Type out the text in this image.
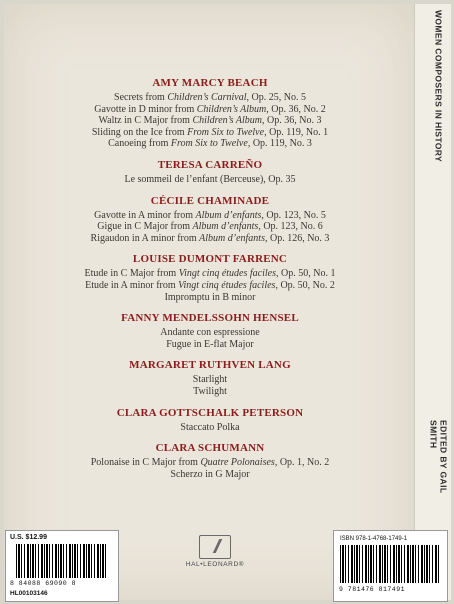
WOMEN COMPOSERS IN HISTORY
EDITED BY GAIL SMITH
AMY MARCY BEACH
Secrets from Children’s Carnival, Op. 25, No. 5
Gavotte in D minor from Children’s Album, Op. 36, No. 2
Waltz in C Major from Children’s Album, Op. 36, No. 3
Sliding on the Ice from From Six to Twelve, Op. 119, No. 1
Canoeing from From Six to Twelve, Op. 119, No. 3
TERESA CARREÑO
Le sommeil de l’enfant (Berceuse), Op. 35
CÉCILE CHAMINADE
Gavotte in A minor from Album d’enfants, Op. 123, No. 5
Gigue in C Major from Album d’enfants, Op. 123, No. 6
Rigaudon in A minor from Album d’enfants, Op. 126, No. 3
LOUISE DUMONT FARRENC
Etude in C Major from Vingt cinq études faciles, Op. 50, No. 1
Etude in A minor from Vingt cinq études faciles, Op. 50, No. 2
Impromptu in B minor
FANNY MENDELSSOHN HENSEL
Andante con espressione
Fugue in E-flat Major
MARGARET RUTHVEN LANG
Starlight
Twilight
CLARA GOTTSCHALK PETERSON
Staccato Polka
CLARA SCHUMANN
Polonaise in C Major from Quatre Polonaises, Op. 1, No. 2
Scherzo in G Major
U.S. $12.99
8 84088 69090 8
HL00103146
HAL•LEONARD®
ISBN 978-1-4768-1749-1
9 781476 817491
